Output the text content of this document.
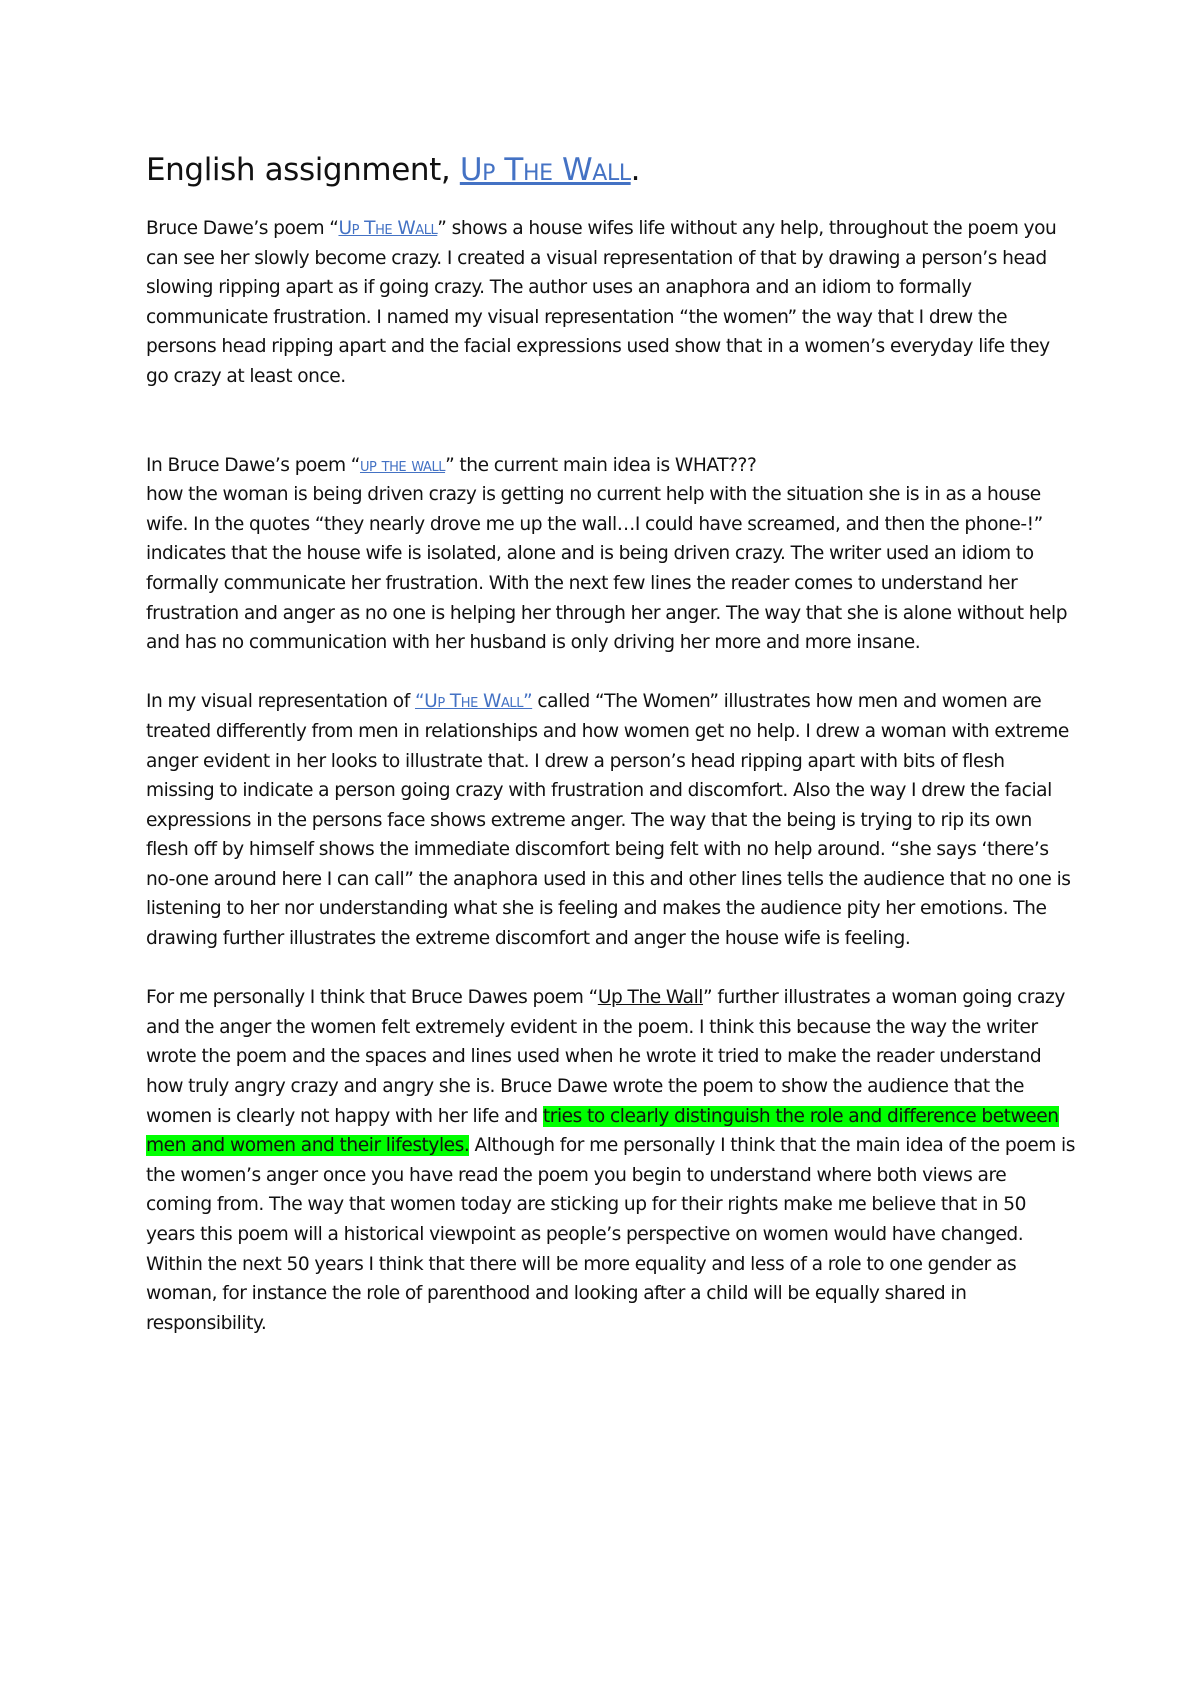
English assignment, Up The Wall.

Bruce Dawe’s poem “Up The Wall” shows a house wifes life without any help, throughout the poem you can see her slowly become crazy. I created a visual representation of that by drawing a person’s head slowing ripping apart as if going crazy. The author uses an anaphora and an idiom to formally communicate frustration. I named my visual representation “the women” the way that I drew the persons head ripping apart and the facial expressions used show that in a women’s everyday life they go crazy at least once.

In Bruce Dawe’s poem “up the wall” the current main idea is WHAT???
how the woman is being driven crazy is getting no current help with the situation she is in as a house wife. In the quotes “they nearly drove me up the wall…I could have screamed, and then the phone-!” indicates that the house wife is isolated, alone and is being driven crazy. The writer used an idiom to formally communicate her frustration. With the next few lines the reader comes to understand her frustration and anger as no one is helping her through her anger. The way that she is alone without help and has no communication with her husband is only driving her more and more insane.

In my visual representation of “Up The Wall” called “The Women” illustrates how men and women are treated differently from men in relationships and how women get no help. I drew a woman with extreme anger evident in her looks to illustrate that. I drew a person’s head ripping apart with bits of flesh missing to indicate a person going crazy with frustration and discomfort. Also the way I drew the facial expressions in the persons face shows extreme anger. The way that the being is trying to rip its own flesh off by himself shows the immediate discomfort being felt with no help around. “she says ‘there’s no-one around here I can call” the anaphora used in this and other lines tells the audience that no one is listening to her nor understanding what she is feeling and makes the audience pity her emotions. The drawing further illustrates the extreme discomfort and anger the house wife is feeling.

For me personally I think that Bruce Dawes poem “Up The Wall” further illustrates a woman going crazy and the anger the women felt extremely evident in the poem. I think this because the way the writer wrote the poem and the spaces and lines used when he wrote it tried to make the reader understand how truly angry crazy and angry she is. Bruce Dawe wrote the poem to show the audience that the women is clearly not happy with her life and tries to clearly distinguish the role and difference between men and women and their lifestyles. Although for me personally I think that the main idea of the poem is the women’s anger once you have read the poem you begin to understand where both views are coming from. The way that women today are sticking up for their rights make me believe that in 50 years this poem will a historical viewpoint as people’s perspective on women would have changed. Within the next 50 years I think that there will be more equality and less of a role to one gender as woman, for instance the role of parenthood and looking after a child will be equally shared in responsibility.
